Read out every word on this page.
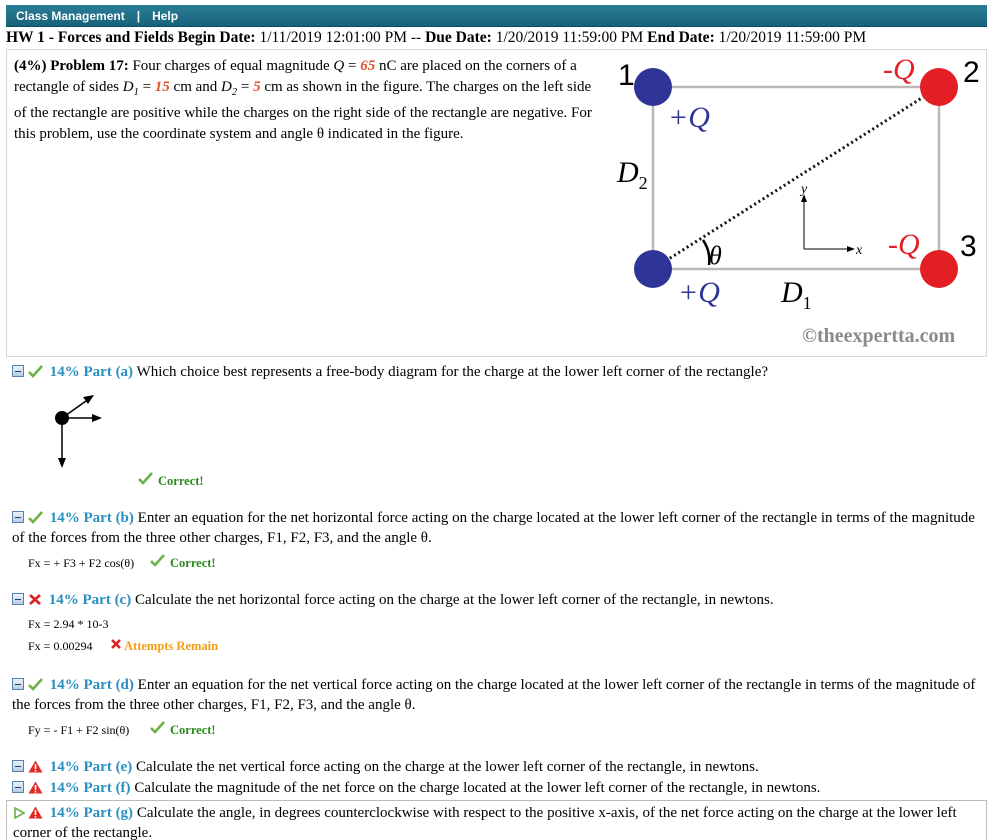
Class Management | Help
HW 1 - Forces and Fields Begin Date: 1/11/2019 12:01:00 PM -- Due Date: 1/20/2019 11:59:00 PM End Date: 1/20/2019 11:59:00 PM
(4%) Problem 17: Four charges of equal magnitude Q = 65 nC are placed on the corners of a rectangle of sides $D_1 = 15$ cm and $D_2 = 5$ cm as shown in the figure. The charges on the left side of the rectangle are positive while the charges on the right side of the rectangle are negative. For this problem, use the coordinate system and angle θ indicated in the figure.
y
x
1	2
3
+Q
+Q
-Q
-Q
θ
$D_2$
$D_1$
©theexpertta.com
14% Part (a) Which choice best represents a free-body diagram for the charge at the lower left corner of the rectangle?
Correct!
14% Part (b) Enter an equation for the net horizontal force acting on the charge located at the lower left corner of the rectangle in terms of the magnitude of the forces from the three other charges, F1, F2, F3, and the angle θ.
Fx = + F3 + F2 cos(θ)	Correct!
14% Part (c) Calculate the net horizontal force acting on the charge at the lower left corner of the rectangle, in newtons.
Fx = 2.94 * 10-3
Fx = 0.00294	Attempts Remain
14% Part (d) Enter an equation for the net vertical force acting on the charge located at the lower left corner of the rectangle in terms of the magnitude of the forces from the three other charges, F1, F2, F3, and the angle θ.
Fy = - F1 + F2 sin(θ)	Correct!
14% Part (e) Calculate the net vertical force acting on the charge at the lower left corner of the rectangle, in newtons.
14% Part (f) Calculate the magnitude of the net force on the charge located at the lower left corner of the rectangle, in newtons.
14% Part (g) Calculate the angle, in degrees counterclockwise with respect to the positive x-axis, of the net force acting on the charge at the lower left corner of the rectangle.
